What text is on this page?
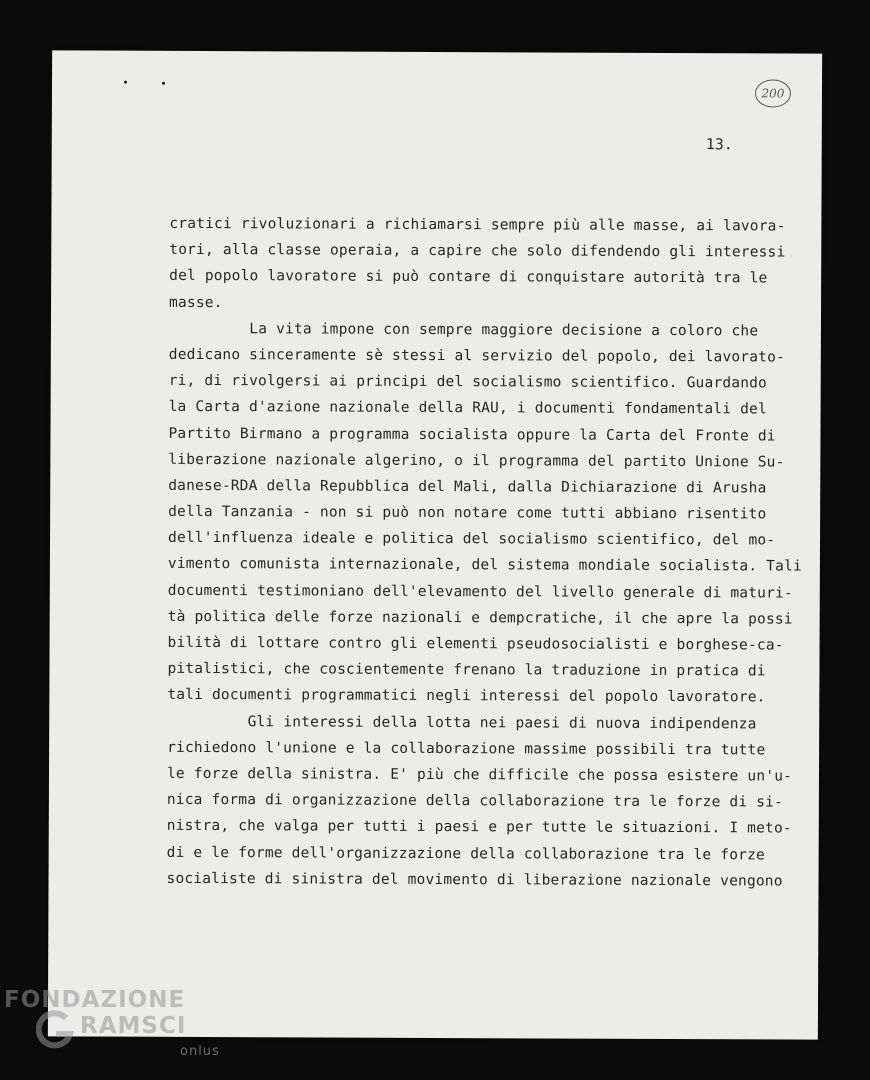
200
13.
cratici rivoluzionari a richiamarsi sempre più alle masse, ai lavora-
tori, alla classe operaia, a capire che solo difendendo gli interessi
del popolo lavoratore si può contare di conquistare autorità tra le
masse.
La vita impone con sempre maggiore decisione a coloro che
dedicano sinceramente sè stessi al servizio del popolo, dei lavorato-
ri, di rivolgersi ai principi del socialismo scientifico. Guardando
la Carta d'azione nazionale della RAU, i documenti fondamentali del
Partito Birmano a programma socialista oppure la Carta del Fronte di
liberazione nazionale algerino, o il programma del partito Unione Su-
danese-RDA della Repubblica del Mali, dalla Dichiarazione di Arusha
della Tanzania - non si può non notare come tutti abbiano risentito
dell'influenza ideale e politica del socialismo scientifico, del mo-
vimento comunista internazionale, del sistema mondiale socialista. Tali
documenti testimoniano dell'elevamento del livello generale di maturi-
tà politica delle forze nazionali e dempcratiche, il che apre la possi
bilità di lottare contro gli elementi pseudosocialisti e borghese-ca-
pitalistici, che coscientemente frenano la traduzione in pratica di
tali documenti programmatici negli interessi del popolo lavoratore.
Gli interessi della lotta nei paesi di nuova indipendenza
richiedono l'unione e la collaborazione massime possibili tra tutte
le forze della sinistra. E' più che difficile che possa esistere un'u-
nica forma di organizzazione della collaborazione tra le forze di si-
nistra, che valga per tutti i paesi e per tutte le situazioni. I meto-
di e le forme dell'organizzazione della collaborazione tra le forze
socialiste di sinistra del movimento di liberazione nazionale vengono
FONDAZIONE
RAMSCI
onlus
